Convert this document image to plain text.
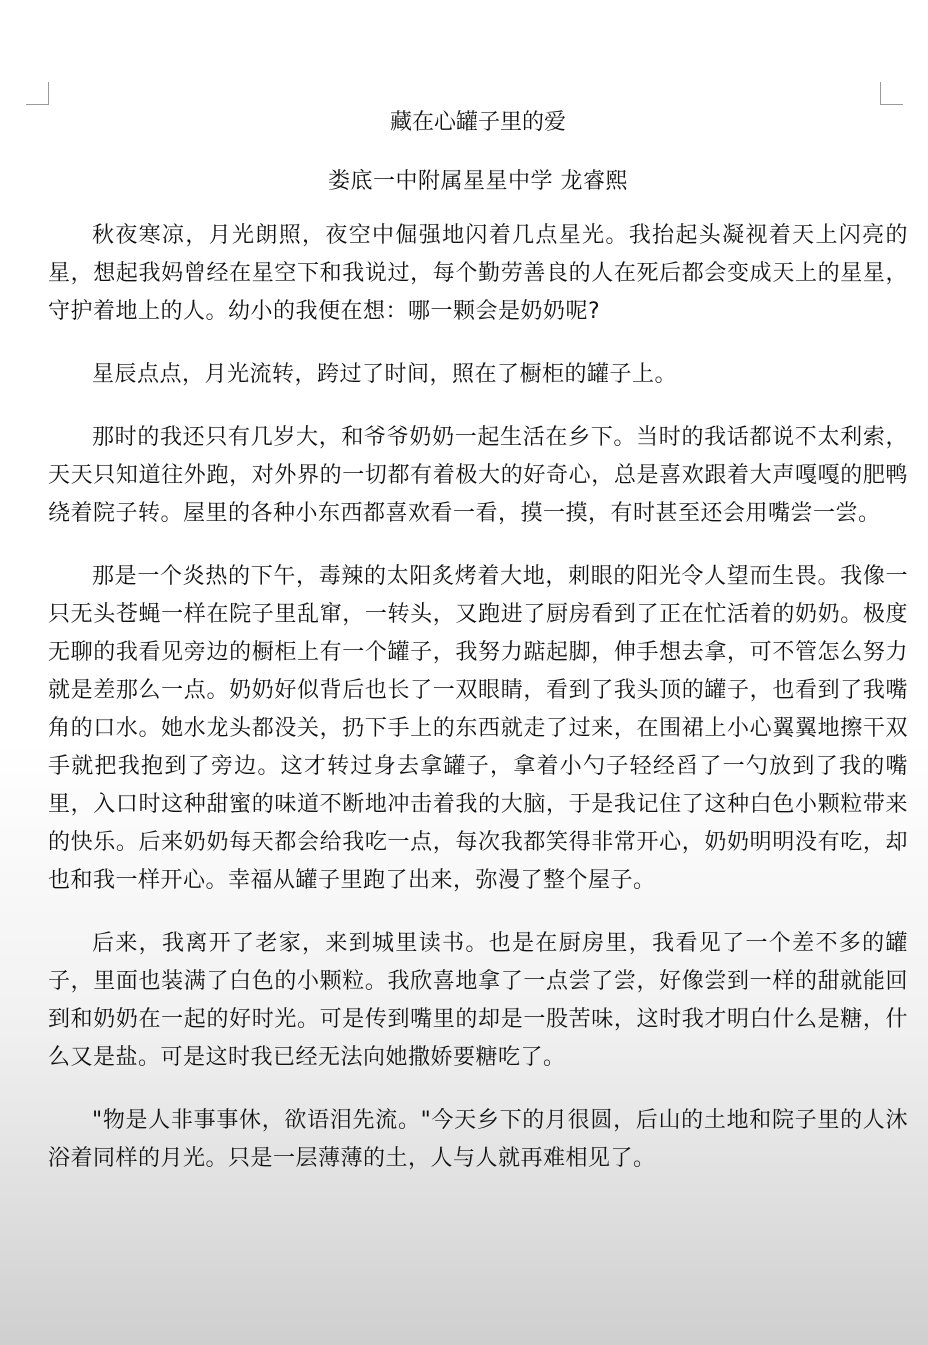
藏在心罐子里的爱
娄底一中附属星星中学 龙睿熙

秋夜寒凉，月光朗照，夜空中倔强地闪着几点星光。我抬起头凝视着天上闪亮的星，想起我妈曾经在星空下和我说过，每个勤劳善良的人在死后都会变成天上的星星，守护着地上的人。幼小的我便在想：哪一颗会是奶奶呢?

星辰点点，月光流转，跨过了时间，照在了橱柜的罐子上。

那时的我还只有几岁大，和爷爷奶奶一起生活在乡下。当时的我话都说不太利索，天天只知道往外跑，对外界的一切都有着极大的好奇心，总是喜欢跟着大声嘎嘎的肥鸭绕着院子转。屋里的各种小东西都喜欢看一看，摸一摸，有时甚至还会用嘴尝一尝。

那是一个炎热的下午，毒辣的太阳炙烤着大地，刺眼的阳光令人望而生畏。我像一只无头苍蝇一样在院子里乱窜，一转头，又跑进了厨房看到了正在忙活着的奶奶。极度无聊的我看见旁边的橱柜上有一个罐子，我努力踮起脚，伸手想去拿，可不管怎么努力就是差那么一点。奶奶好似背后也长了一双眼睛，看到了我头顶的罐子，也看到了我嘴角的口水。她水龙头都没关，扔下手上的东西就走了过来，在围裙上小心翼翼地擦干双手就把我抱到了旁边。这才转过身去拿罐子，拿着小勺子轻经舀了一勺放到了我的嘴里，入口时这种甜蜜的味道不断地冲击着我的大脑，于是我记住了这种白色小颗粒带来的快乐。后来奶奶每天都会给我吃一点，每次我都笑得非常开心，奶奶明明没有吃，却也和我一样开心。幸福从罐子里跑了出来，弥漫了整个屋子。

后来，我离开了老家，来到城里读书。也是在厨房里，我看见了一个差不多的罐子，里面也装满了白色的小颗粒。我欣喜地拿了一点尝了尝，好像尝到一样的甜就能回到和奶奶在一起的好时光。可是传到嘴里的却是一股苦味，这时我才明白什么是糖，什么又是盐。可是这时我已经无法向她撒娇要糖吃了。

"物是人非事事休，欲语泪先流。"今天乡下的月很圆，后山的土地和院子里的人沐浴着同样的月光。只是一层薄薄的土，人与人就再难相见了。
